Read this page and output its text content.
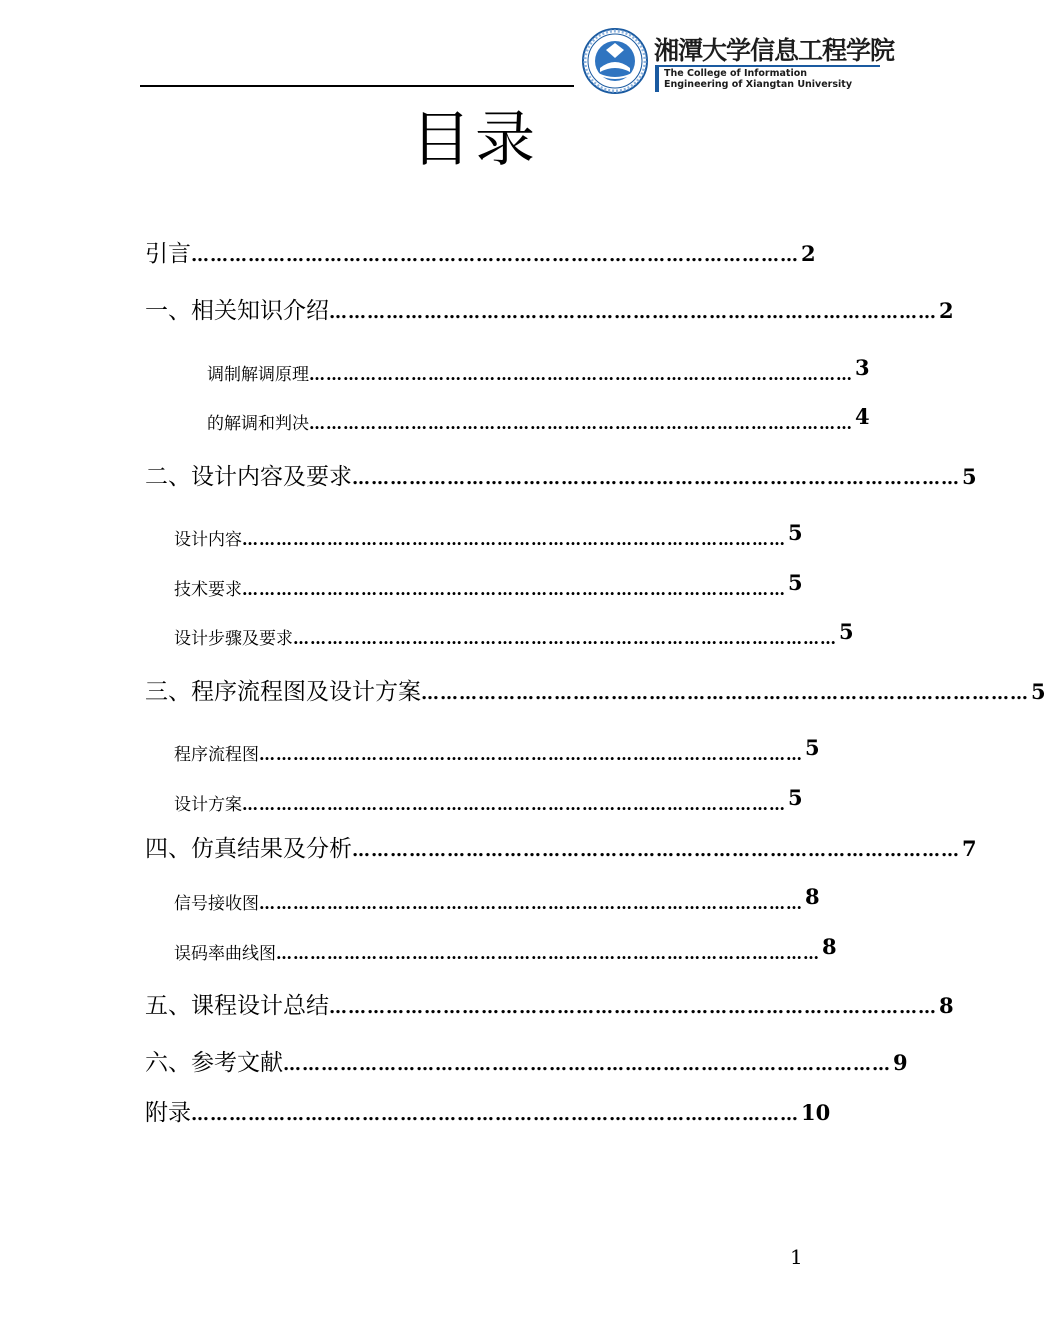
湘潭大学信息工程学院
The College of Information
Engineering of Xiangtan University
目录
引言 …………………………………………………………………………………… 2
一、相关知识介绍 …………………………………………………………………………………… 2
调制解调原理 …………………………………………………………………………………… 3
的解调和判决 …………………………………………………………………………………… 4
二、设计内容及要求 …………………………………………………………………………………… 5
设计内容 …………………………………………………………………………………… 5
技术要求 …………………………………………………………………………………… 5
设计步骤及要求 …………………………………………………………………………………… 5
三、程序流程图及设计方案 …………………………………………………………………………………… 5
程序流程图 …………………………………………………………………………………… 5
设计方案 …………………………………………………………………………………… 5
四、仿真结果及分析 …………………………………………………………………………………… 7
信号接收图 …………………………………………………………………………………… 8
误码率曲线图 …………………………………………………………………………………… 8
五、课程设计总结 …………………………………………………………………………………… 8
六、参考文献 …………………………………………………………………………………… 9
附录 …………………………………………………………………………………… 10
1
